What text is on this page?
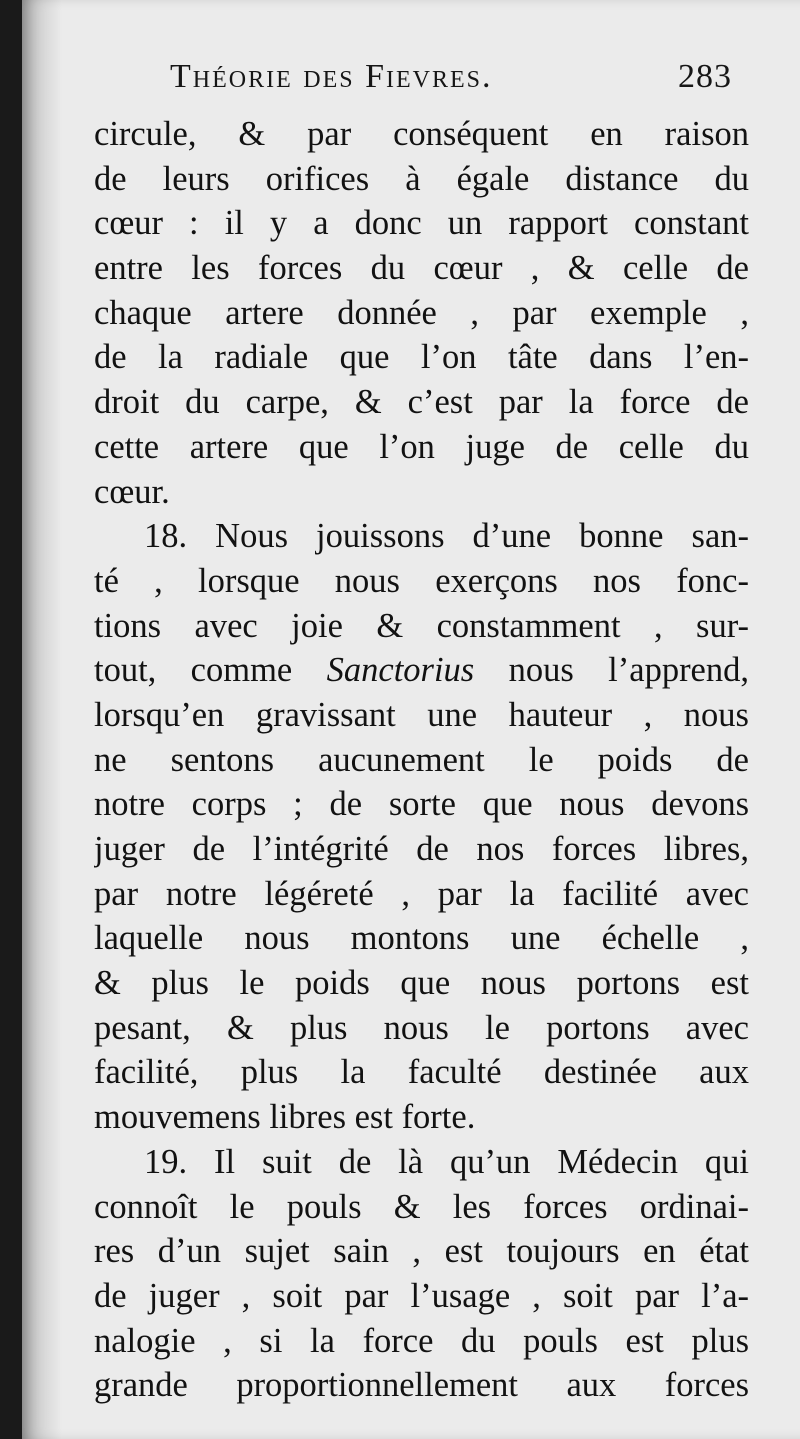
Théorie des Fievres.	283
circule, & par conséquent en raison
de leurs orifices à égale distance du
cœur : il y a donc un rapport constant
entre les forces du cœur , & celle de
chaque artere donnée , par exemple ,
de la radiale que l’on tâte dans l’en-
droit du carpe, & c’est par la force de
cette artere que l’on juge de celle du
cœur.
18. Nous jouissons d’une bonne san-
té , lorsque nous exerçons nos fonc-
tions avec joie & constamment , sur-
tout, comme Sanctorius nous l’apprend,
lorsqu’en gravissant une hauteur , nous
ne sentons aucunement le poids de
notre corps ; de sorte que nous devons
juger de l’intégrité de nos forces libres,
par notre légéreté , par la facilité avec
laquelle nous montons une échelle ,
& plus le poids que nous portons est
pesant, & plus nous le portons avec
facilité, plus la faculté destinée aux
mouvemens libres est forte.
19. Il suit de là qu’un Médecin qui
connoît le pouls & les forces ordinai-
res d’un sujet sain , est toujours en état
de juger , soit par l’usage , soit par l’a-
nalogie , si la force du pouls est plus
grande proportionnellement aux forces
